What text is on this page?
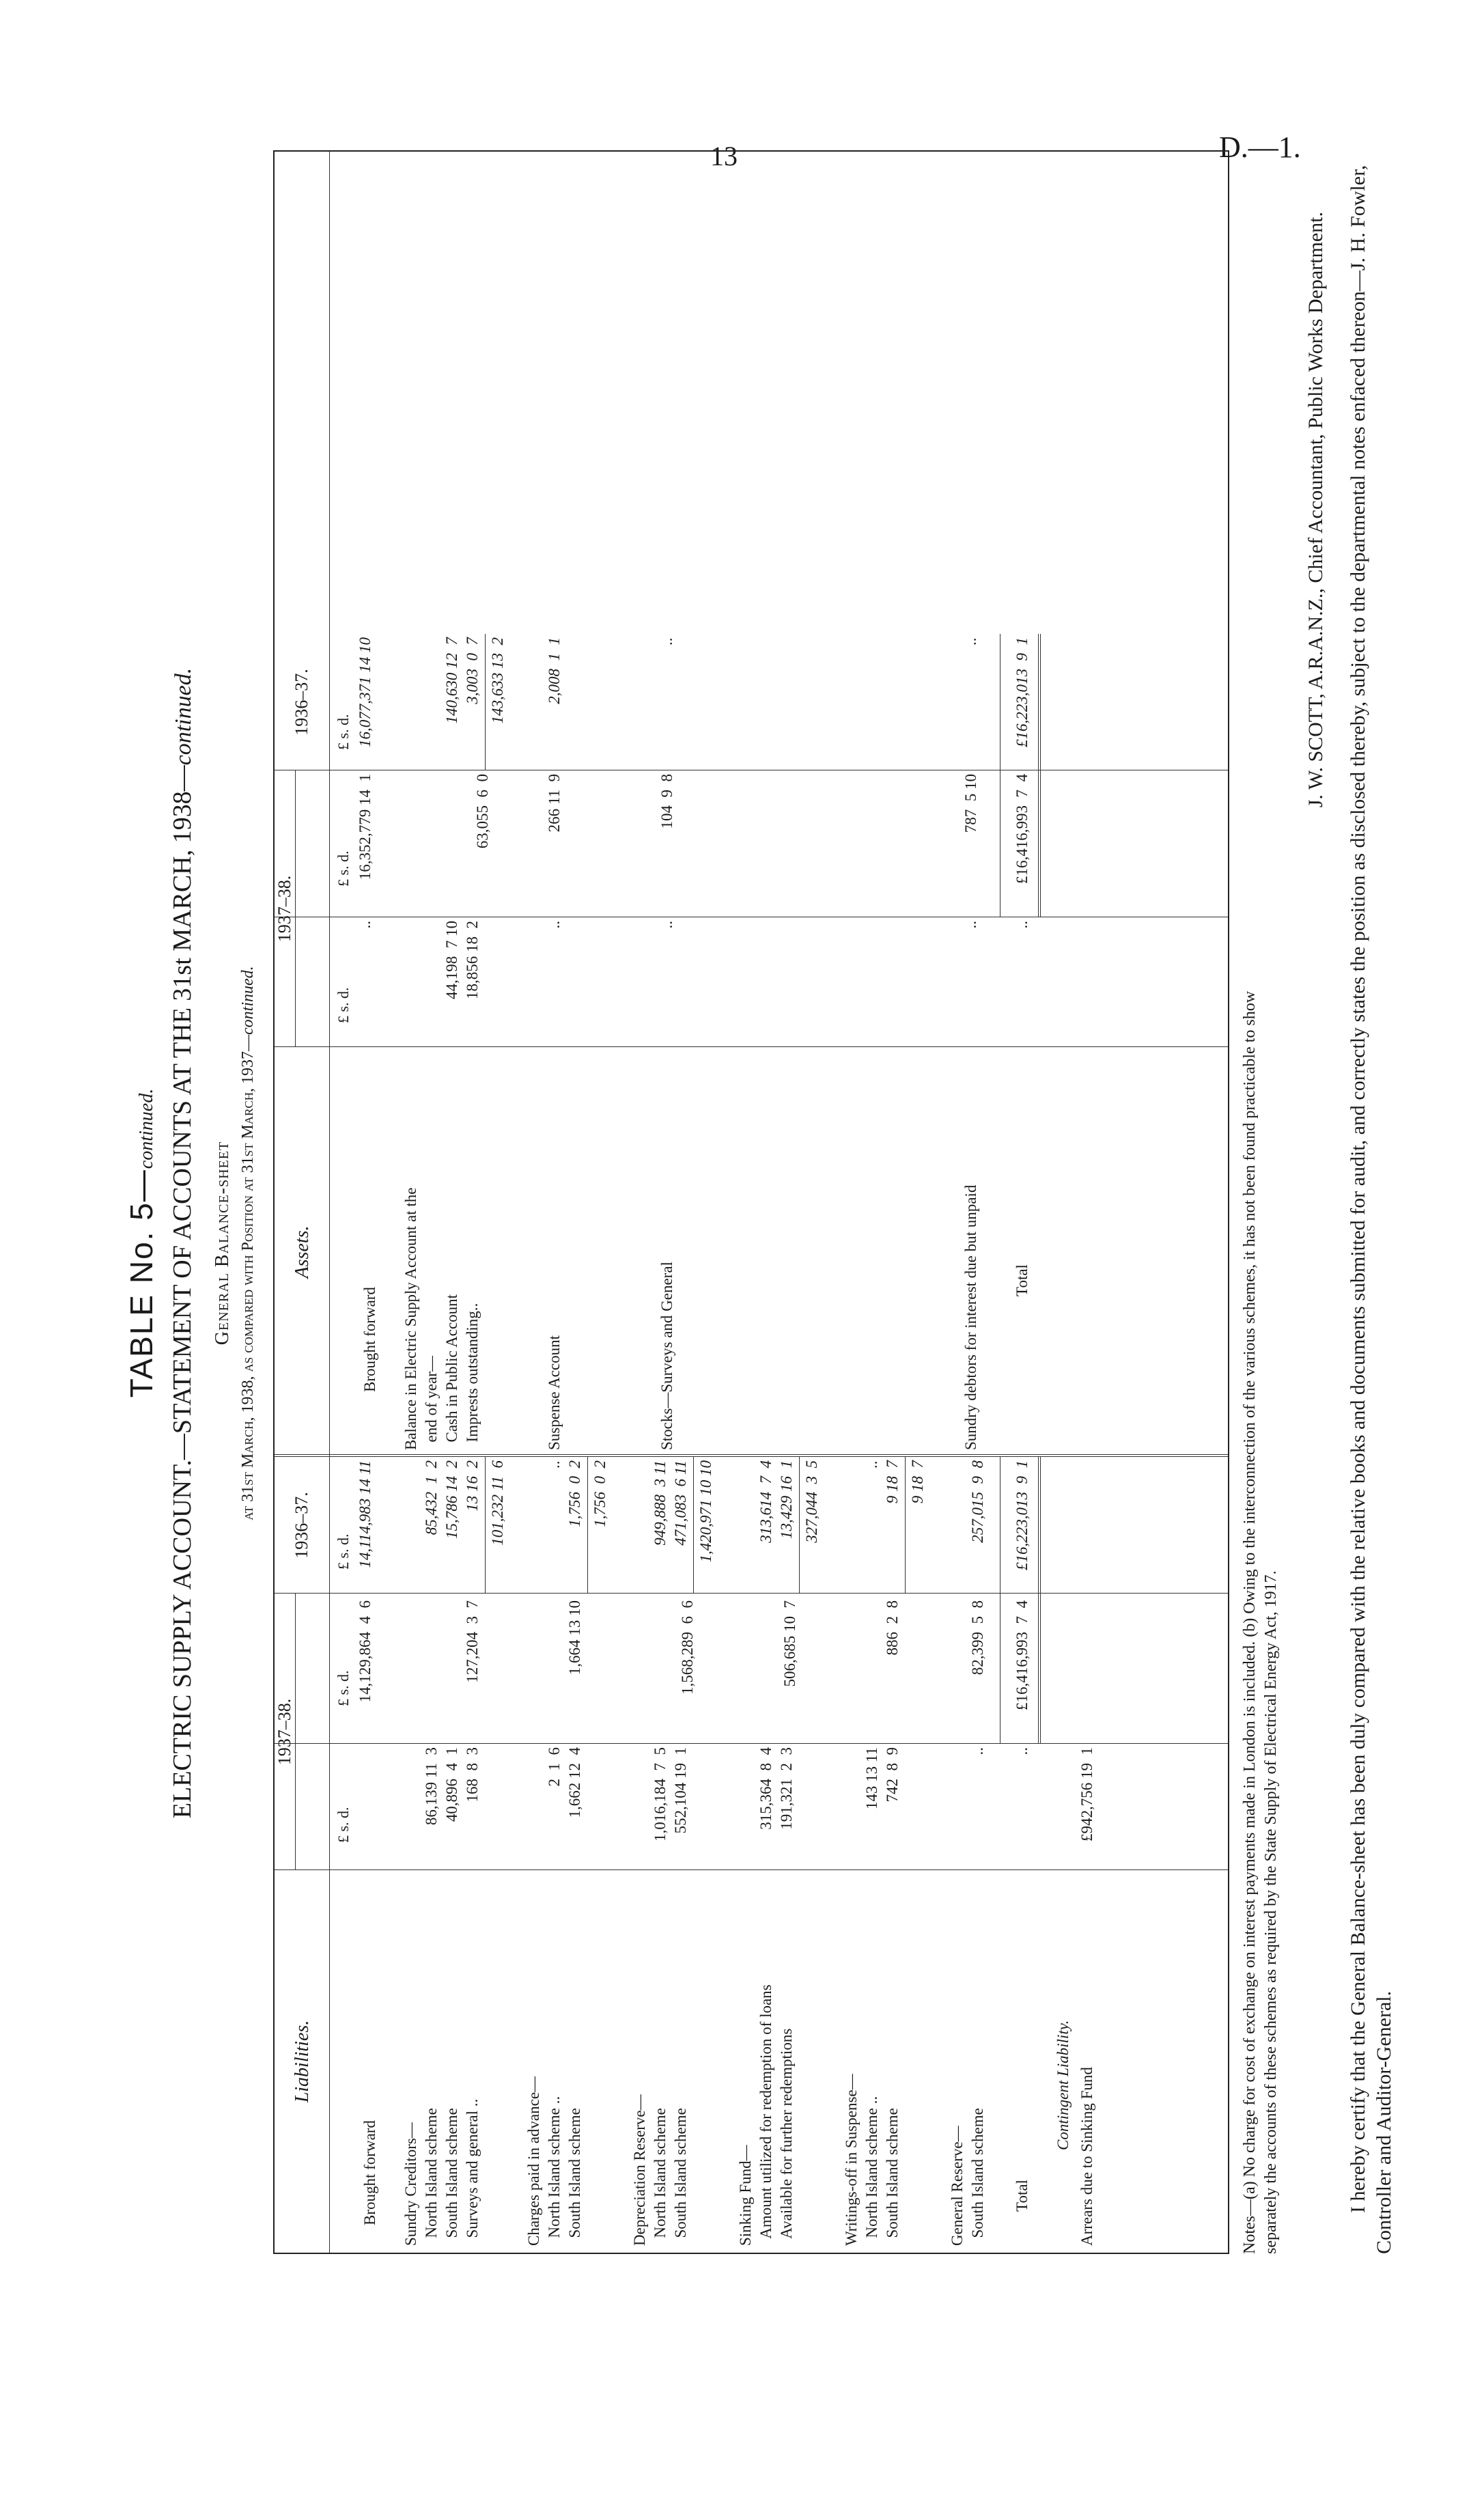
13	D.—1.
TABLE No. 5—continued. ELECTRIC SUPPLY ACCOUNT.—STATEMENT OF ACCOUNTS AT THE 31st MARCH, 1938—continued.
General Balance-sheet at 31st March, 1938, as compared with Position at 31st March, 1937—continued.
Liabilities.
1937–38.
1936–37.
Assets.
1937–38.
1936–37.
£ s. d.
£ s. d.
£ s. d.
£ s. d.
£ s. d.
£ s. d.
Brought forward
14,129,864  4  6
14,114,983 14 11
Sundry Creditors—
North Island scheme
South Island scheme
Surveys and general ..
86,139 11  3
40,896  4  1
168  8  3
127,204  3  7
85,432  1  2
15,786 14  2
13 16  2 101,232 11  6
Charges paid in advance—
North Island scheme ..
South Island scheme
2  1  6
1,662 12  4
1,664 13 10
..
1,756  0  2 1,756  0  2
Depreciation Reserve—
North Island scheme
South Island scheme
1,016,184  7  5
552,104 19  1
1,568,289  6  6
949,888  3 11
471,083  6 11 1,420,971 10 10
Sinking Fund—
Amount utilized for redemption of loans
Available for further redemptions
315,364  8  4
191,321  2  3
506,685 10  7
313,614  7  4
13,429 16  1 327,044  3  5
Writings-off in Suspense—
North Island scheme ..
South Island scheme
143 13 11
742  8  9
886  2  8
..
9 18  7 9 18  7
General Reserve—
South Island scheme
..
82,399  5  8
257,015  9  8
Total
..
£16,416,993  7  4
£16,223,013  9  1
Contingent Liability. Arrears due to Sinking Fund
£942,756 19  1
Brought forward
..
16,352,779 14  1
16,077,371 14 10
Balance in Electric Supply Account at the
end of year—
Cash in Public Account
Imprests outstanding..
44,198  7 10
18,856 18  2
63,055  6  0
140,630 12  7
3,003  0  7 143,633 13  2
Suspense Account
..
266 11  9
2,008  1  1
Stocks—Surveys and General
..
104  9  8
..
Sundry debtors for interest due but unpaid
..
787  5 10
..
Total
..
£16,416,993  7  4
£16,223,013  9  1
Notes—(a) No charge for cost of exchange on interest payments made in London is included. (b) Owing to the interconnection of the various schemes, it has not been found practicable to show separately the accounts of these schemes as required by the State Supply of Electrical Energy Act, 1917.
J. W. SCOTT, A.R.A.N.Z., Chief Accountant, Public Works Department. I hereby certify that the General Balance-sheet has been duly compared with the relative books and documents submitted for audit, and correctly states the position as disclosed thereby, subject to the departmental notes enfaced thereon—J. H. Fowler, Controller and Auditor-General.
